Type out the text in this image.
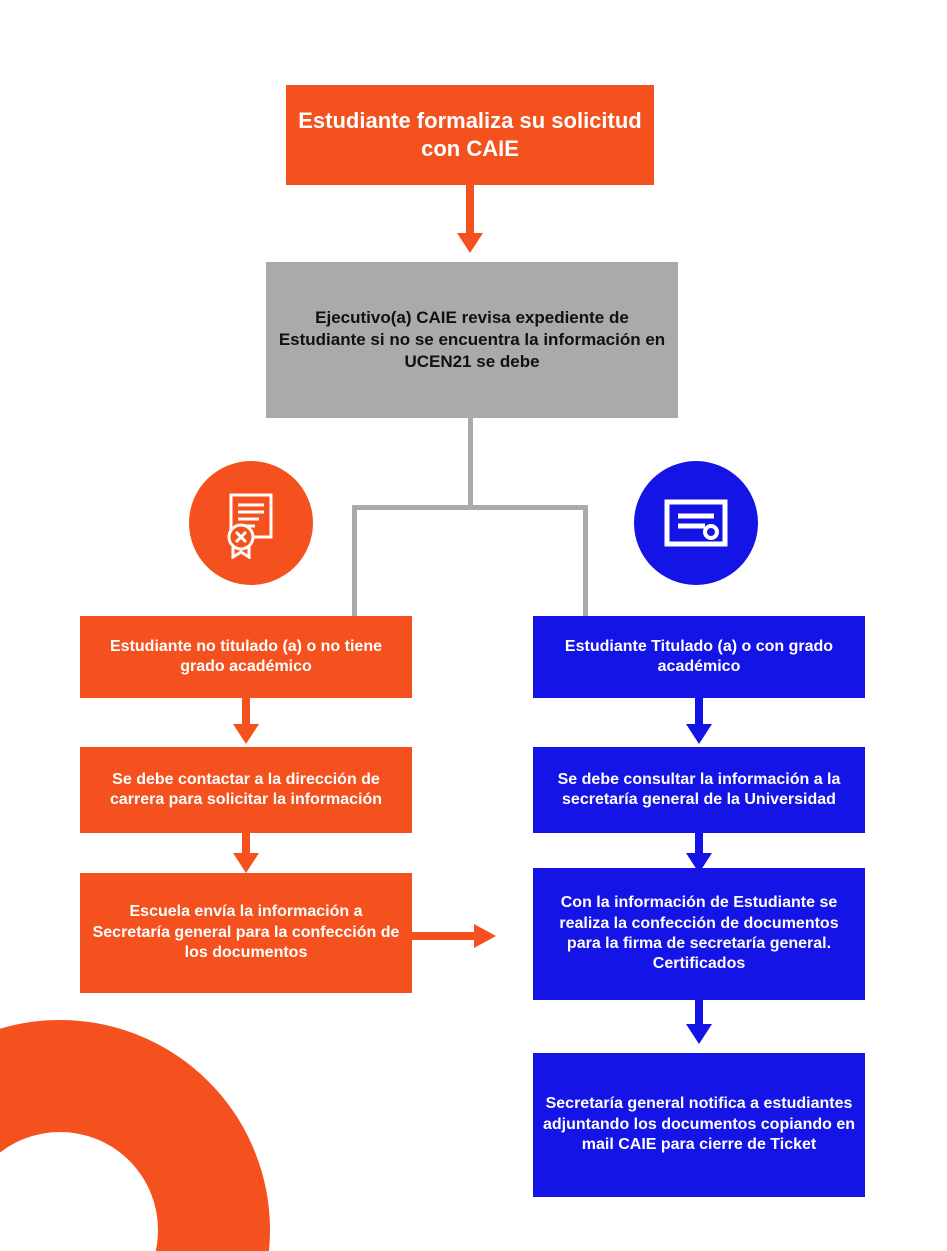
Estudiante formaliza su solicitud con CAIE
Ejecutivo(a) CAIE revisa expediente de Estudiante si no se encuentra la información en UCEN21 se debe
Estudiante no titulado (a) o no tiene grado académico
Estudiante Titulado (a) o con grado académico
Se debe contactar a la dirección de carrera para solicitar la información
Se debe consultar la información a la secretaría general de la Universidad
Escuela envía la información a Secretaría general para la confección de los documentos
Con la información de Estudiante se realiza la confección de documentos para la firma de secretaría general. Certificados
Secretaría general notifica a estudiantes adjuntando los documentos copiando en mail CAIE para cierre de Ticket
